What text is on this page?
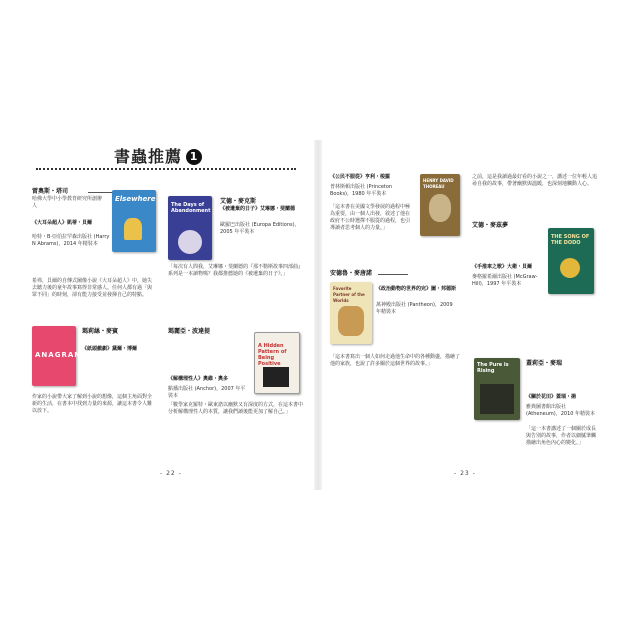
書蟲推薦 1
雷奧斯・塔司
哈佛大學中小學教育研究所創辦人
《大耳朵超人》凱蒂・貝爾
哈特・B·亞伯拉罕森出版社 (Harry N Abrams)，2014 年精裝本
希弗，貝爾的自傳式圖像小說《大耳朵超人》中，她失去聽力後的童年故事寫得非常感人。任何人都有過「與眾不同」的時刻，卻有能力接受並發揮自己的特點。
Elsewhere
The Days of Abandonment
艾德・麥克斯
《被遺棄的日子》艾琳娜・斐蘭德
歐羅巴出版社 (Europa Editions)，2005 年平裝本
「每次有人問我，艾琳娜・斐蘭德的『那不勒斯故事四部曲』系列是一本讀物嗎？我都推薦她的《被遺棄的日子》。」
ANAGRAMS
瑪莉絲・麥賓
《紙頭戲劇》黛爾・博爾
作家的小說帶大家了解到小說的想像，這個主角面對全新的生活，在書本中找到力量的來源，讓這本書令人難以放下。
瑪麗亞・波達提
《解構理性人》奧維・奧多
點播出版社 (Anchor)，2007 年平裝本
「數學家克羅特・歐東諾以幽默又有深度的方式，在這本書中分析解構理性人的本質，讓我們讀後能更加了解自己。」
A Hidden Pattern of Being Positive
- 22 -
《公民不服從》亨利・梭羅
普林斯頓出版社 (Princeton Books)，1980 年平裝本
「這本書在美國文學發展的過程中極為重要，由一個人出發，敘述了他在政府不公時選擇不服從的過程，也引導讀者思考個人的力量。」
HENRY DAVID THOREAU
安德魯・麥唐諾
Favorite Partner of the Worlds
《政治動物的世界的完》圖・邦德斯
萬神殿出版社 (Pantheon)，2009 年精裝本
「這本書寫出一個人如何走過他生命中的各種動盪，描繪了他的家族，也說了許多關於這個世界的故事。」
之前，這是我讀過最好看的小說之一，講述一位年輕人追尋自我的故事，帶著幽默與溫暖，也深刻地觸動人心。
艾德・麥茲夢
《手推車之歌》大衛・貝爾
麥格羅希爾出版社 (McGraw-Hill)，1997 年平裝本
THE SONG OF THE DODO
The Pure is Rising
蓋莉亞・麥瑞
《關於花田》蓋瑞・揚
雅典圖書館出版社 (Atheneum)，2010 年精裝本
「這一本書講述了一個關於成長與告別的故事，作者以細膩筆觸描繪出角色內心的變化。」
- 23 -
